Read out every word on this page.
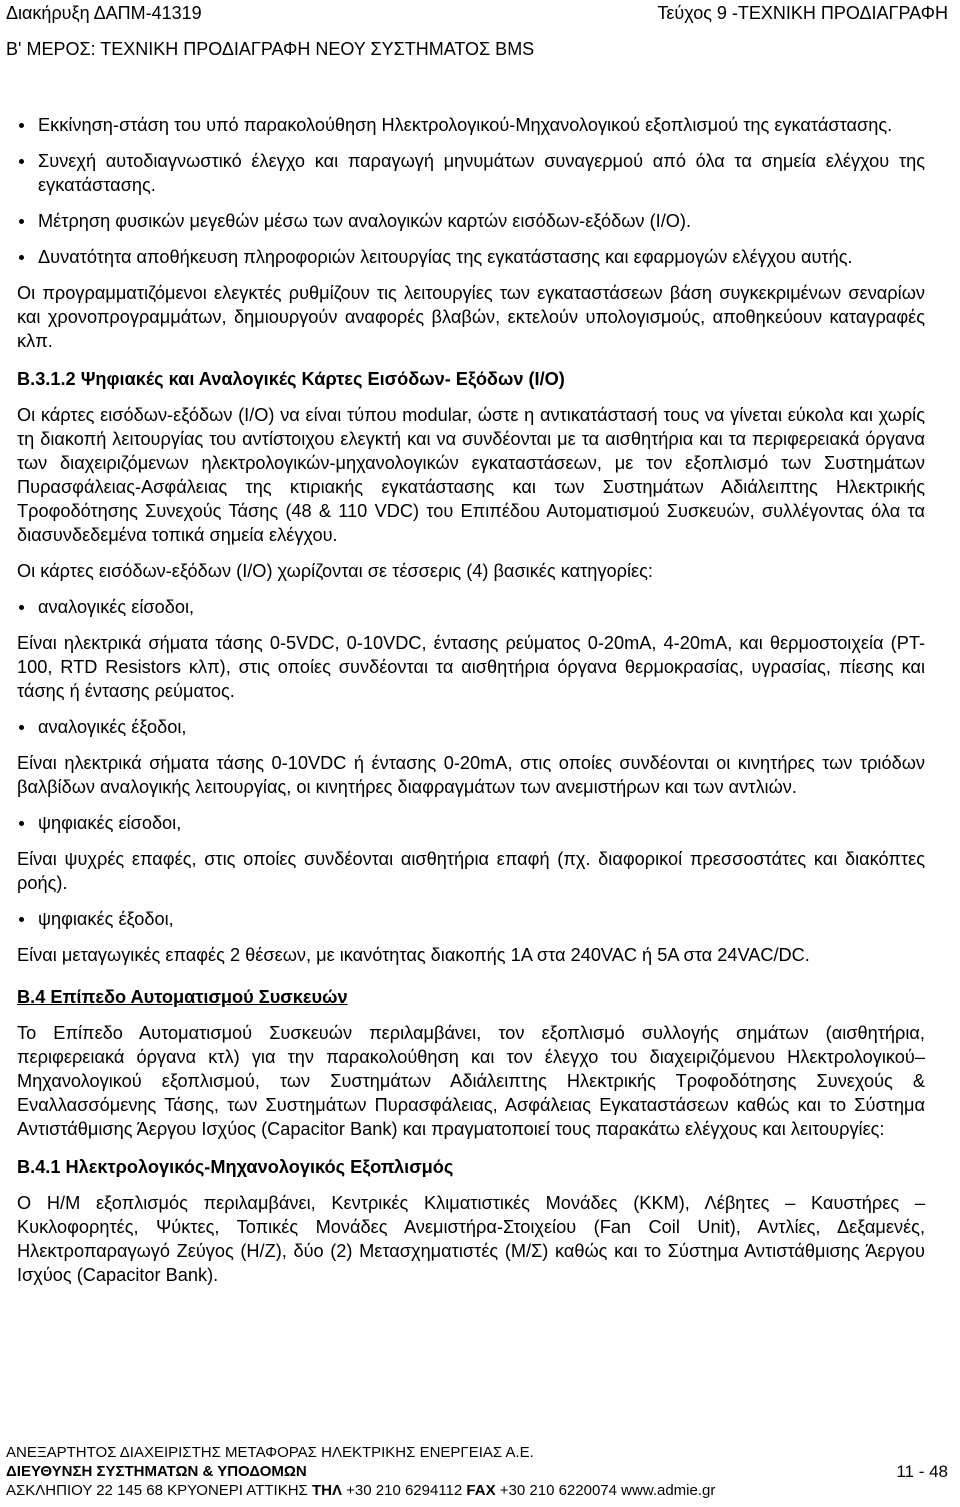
Διακήρυξη ΔΑΠΜ-41319	Τεύχος 9 -ΤΕΧΝΙΚΗ ΠΡΟΔΙΑΓΡΑΦΗ
Β' ΜΕΡΟΣ: ΤΕΧΝΙΚΗ ΠΡΟΔΙΑΓΡΑΦΗ ΝΕΟΥ ΣΥΣΤΗΜΑΤΟΣ BMS

Εκκίνηση-στάση του υπό παρακολούθηση Ηλεκτρολογικού-Μηχανολογικού εξοπλισμού της εγκατάστασης.

Συνεχή αυτοδιαγνωστικό έλεγχο και παραγωγή μηνυμάτων συναγερμού από όλα τα σημεία ελέγχου της εγκατάστασης.

Μέτρηση φυσικών μεγεθών μέσω των αναλογικών καρτών εισόδων-εξόδων (I/O).

Δυνατότητα αποθήκευση πληροφοριών λειτουργίας της εγκατάστασης και εφαρμογών ελέγχου αυτής.

Οι προγραμματιζόμενοι ελεγκτές ρυθμίζουν τις λειτουργίες των εγκαταστάσεων βάση συγκεκριμένων σεναρίων και χρονοπρογραμμάτων, δημιουργούν αναφορές βλαβών, εκτελούν υπολογισμούς, αποθηκεύουν καταγραφές κλπ.

B.3.1.2 Ψηφιακές και Αναλογικές Κάρτες Εισόδων- Εξόδων (I/O)

Οι κάρτες εισόδων-εξόδων (I/O) να είναι τύπου modular, ώστε η αντικατάστασή τους να γίνεται εύκολα και χωρίς τη διακοπή λειτουργίας του αντίστοιχου ελεγκτή και να συνδέονται με τα αισθητήρια και τα περιφερειακά όργανα των διαχειριζόμενων ηλεκτρολογικών-μηχανολογικών εγκαταστάσεων, με τον εξοπλισμό των Συστημάτων Πυρασφάλειας-Ασφάλειας της κτιριακής εγκατάστασης και των Συστημάτων Αδιάλειπτης Ηλεκτρικής Τροφοδότησης Συνεχούς Τάσης (48 & 110 VDC) του Επιπέδου Αυτοματισμού Συσκευών, συλλέγοντας όλα τα διασυνδεδεμένα τοπικά σημεία ελέγχου.

Οι κάρτες εισόδων-εξόδων (I/O) χωρίζονται σε τέσσερις (4) βασικές κατηγορίες:

αναλογικές είσοδοι,

Είναι ηλεκτρικά σήματα τάσης 0-5VDC, 0-10VDC, έντασης ρεύματος 0-20mA, 4-20mA, και θερμοστοιχεία (PT-100, RTD Resistors κλπ), στις οποίες συνδέονται τα αισθητήρια όργανα θερμοκρασίας, υγρασίας, πίεσης και τάσης ή έντασης ρεύματος.

αναλογικές έξοδοι,

Είναι ηλεκτρικά σήματα τάσης 0-10VDC ή έντασης 0-20mA, στις οποίες συνδέονται οι κινητήρες των τριόδων βαλβίδων αναλογικής λειτουργίας, οι κινητήρες διαφραγμάτων των ανεμιστήρων και των αντλιών.

ψηφιακές είσοδοι,

Είναι ψυχρές επαφές, στις οποίες συνδέονται αισθητήρια επαφή (πχ. διαφορικοί πρεσσοστάτες και διακόπτες ροής).

ψηφιακές έξοδοι,

Είναι μεταγωγικές επαφές 2 θέσεων, με ικανότητας διακοπής 1A στα 240VAC ή 5A στα 24VAC/DC.

B.4 Επίπεδο Αυτοματισμού Συσκευών

Το Επίπεδο Αυτοματισμού Συσκευών περιλαμβάνει, τον εξοπλισμό συλλογής σημάτων (αισθητήρια, περιφερειακά όργανα κτλ) για την παρακολούθηση και τον έλεγχο του διαχειριζόμενου Ηλεκτρολογικού–Μηχανολογικού εξοπλισμού, των Συστημάτων Αδιάλειπτης Ηλεκτρικής Τροφοδότησης Συνεχούς & Εναλλασσόμενης Τάσης, των Συστημάτων Πυρασφάλειας, Ασφάλειας Εγκαταστάσεων καθώς και το Σύστημα Αντιστάθμισης Άεργου Ισχύος (Capacitor Bank) και πραγματοποιεί τους παρακάτω ελέγχους και λειτουργίες:

B.4.1 Ηλεκτρολογικός-Μηχανολογικός Εξοπλισμός

Ο Η/Μ εξοπλισμός περιλαμβάνει, Κεντρικές Κλιματιστικές Μονάδες (ΚΚΜ), Λέβητες – Καυστήρες – Κυκλοφορητές, Ψύκτες, Τοπικές Μονάδες Ανεμιστήρα-Στοιχείου (Fan Coil Unit), Αντλίες, Δεξαμενές, Ηλεκτροπαραγωγό Ζεύγος (Η/Ζ), δύο (2) Μετασχηματιστές (Μ/Σ) καθώς και το Σύστημα Αντιστάθμισης Άεργου Ισχύος (Capacitor Bank).

ΑΝΕΞΑΡΤΗΤΟΣ ΔΙΑΧΕΙΡΙΣΤΗΣ ΜΕΤΑΦΟΡΑΣ ΗΛΕΚΤΡΙΚΗΣ ΕΝΕΡΓΕΙΑΣ Α.Ε.
ΔΙΕΥΘΥΝΣΗ ΣΥΣΤΗΜΑΤΩΝ & ΥΠΟΔΟΜΩΝ
ΑΣΚΛΗΠΙΟΥ 22 145 68 ΚΡΥΟΝΕΡΙ ΑΤΤΙΚΗΣ ΤΗΛ +30 210 6294112 FAX +30 210 6220074 www.admie.gr
11 - 48
